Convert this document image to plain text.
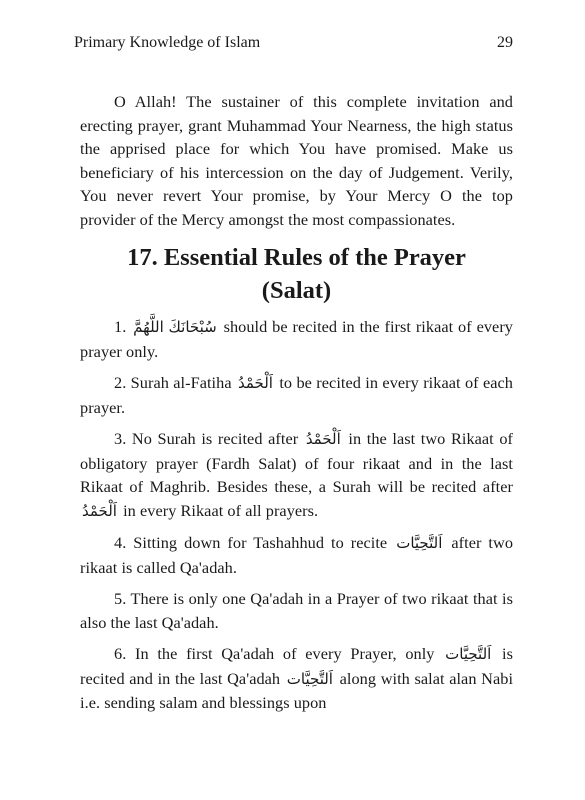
Primary Knowledge of Islam	29

O Allah! The sustainer of this complete invitation and erecting prayer, grant Muhammad Your Nearness, the high status the apprised place for which You have promised. Make us beneficiary of his intercession on the day of Judgement. Verily, You never revert Your promise, by Your Mercy O the top provider of the Mercy amongst the most compassionates.

17. Essential Rules of the Prayer
(Salat)

1. سُبْحَانَكَ اللَّهُمَّ should be recited in the first rikaat of every prayer only.

2. Surah al-Fatiha اَلْحَمْدُ to be recited in every rikaat of each prayer.

3. No Surah is recited after اَلْحَمْدُ in the last two Rikaat of obligatory prayer (Fardh Salat) of four rikaat and in the last Rikaat of Maghrib. Besides these, a Surah will be recited after اَلْحَمْدُ in every Rikaat of all prayers.

4. Sitting down for Tashahhud to recite اَلتَّحِيَّات after two rikaat is called Qa'adah.

5. There is only one Qa'adah in a Prayer of two rikaat that is also the last Qa'adah.

6. In the first Qa'adah of every Prayer, only اَلتَّحِيَّات is recited and in the last Qa'adah اَلتَّحِيَّات along with salat alan Nabi i.e. sending salam and blessings upon
